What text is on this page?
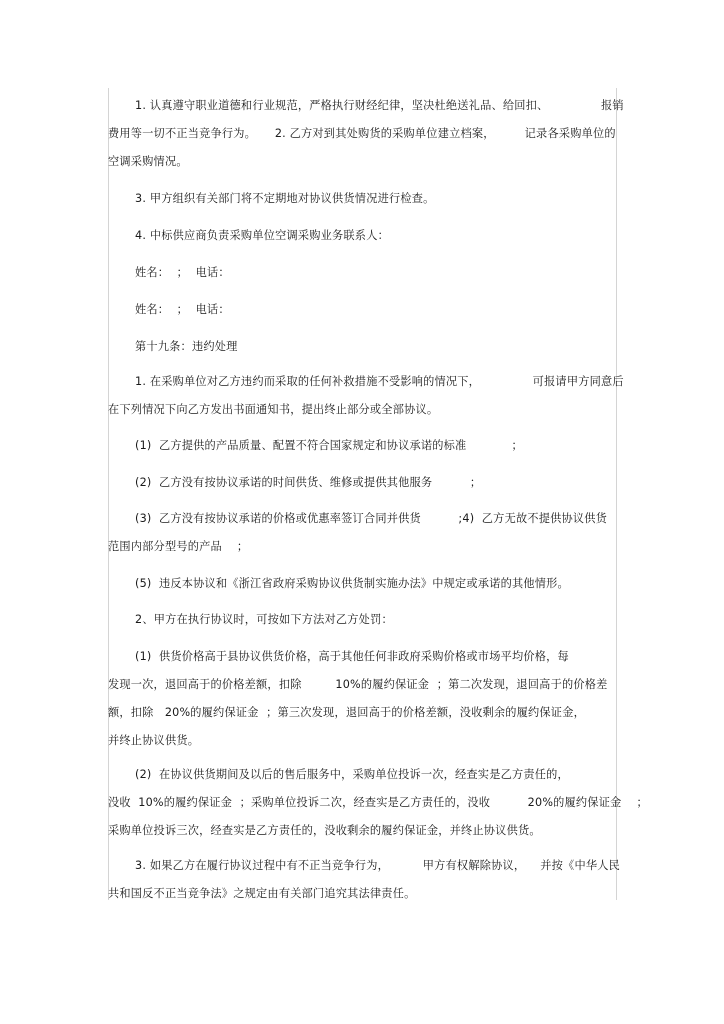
1. 认真遵守职业道德和行业规范，严格执行财经纪律，坚决杜绝送礼品、给回扣、              报销
费用等一切不正当竞争行为。     2. 乙方对到其处购货的采购单位建立档案，        记录各采购单位的
空调采购情况。
3. 甲方组织有关部门将不定期地对协议供货情况进行检查。
4. 中标供应商负责采购单位空调采购业务联系人：
姓名：  ；  电话：
姓名：  ；  电话：
第十九条：违约处理
1. 在采购单位对乙方违约而采取的任何补救措施不受影响的情况下，              可报请甲方同意后
在下列情况下向乙方发出书面通知书，提出终止部分或全部协议。
(1)  乙方提供的产品质量、配置不符合国家规定和协议承诺的标准            ；
(2)  乙方没有按协议承诺的时间供货、维修或提供其他服务          ；
(3)  乙方没有按协议承诺的价格或优惠率签订合同并供货          ;4)  乙方无故不提供协议供货
范围内部分型号的产品    ；
(5)  违反本协议和《浙江省政府采购协议供货制实施办法》中规定或承诺的其他情形。
2、甲方在执行协议时，可按如下方法对乙方处罚：
(1)  供货价格高于县协议供货价格，高于其他任何非政府采购价格或市场平均价格，每
发现一次，退回高于的价格差额，扣除         10%的履约保证金  ；第二次发现，退回高于的价格差
额，扣除   20%的履约保证金  ；第三次发现，退回高于的价格差额，没收剩余的履约保证金，
并终止协议供货。
(2)  在协议供货期间及以后的售后服务中，采购单位投诉一次，经查实是乙方责任的，
没收  10%的履约保证金  ；采购单位投诉二次，经查实是乙方责任的，没收          20%的履约保证金    ；
采购单位投诉三次，经查实是乙方责任的，没收剩余的履约保证金，并终止协议供货。
3. 如果乙方在履行协议过程中有不正当竞争行为，         甲方有权解除协议，    并按《中华人民
共和国反不正当竞争法》之规定由有关部门追究其法律责任。
